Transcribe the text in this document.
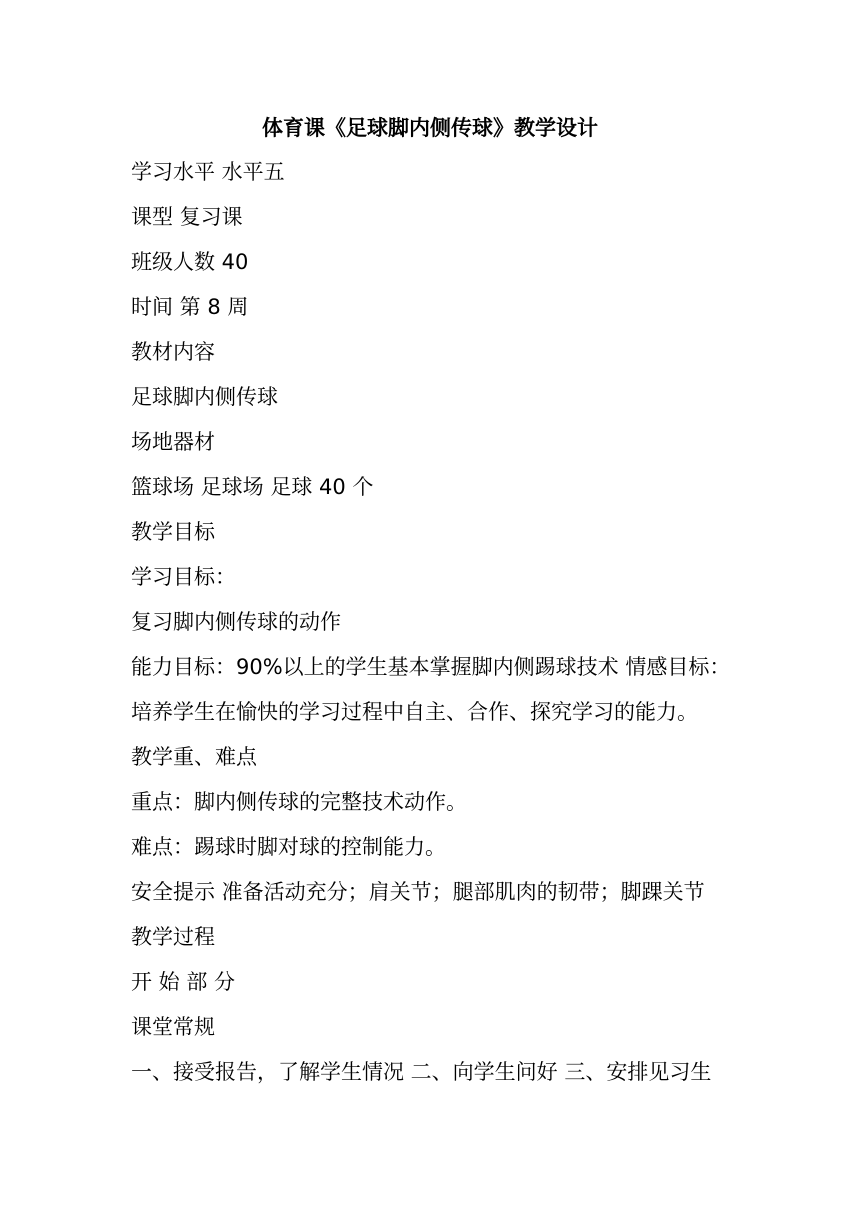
体育课《足球脚内侧传球》教学设计
学习水平 水平五
课型 复习课
班级人数 40
时间 第 8 周
教材内容
足球脚内侧传球
场地器材
篮球场 足球场 足球 40 个
教学目标
学习目标：
复习脚内侧传球的动作
能力目标：90%以上的学生基本掌握脚内侧踢球技术 情感目标：
培养学生在愉快的学习过程中自主、合作、探究学习的能力。
教学重、难点
重点：脚内侧传球的完整技术动作。
难点：踢球时脚对球的控制能力。
安全提示 准备活动充分；肩关节；腿部肌肉的韧带；脚踝关节
教学过程
开 始 部 分
课堂常规
一、接受报告，了解学生情况 二、向学生问好 三、安排见习生
